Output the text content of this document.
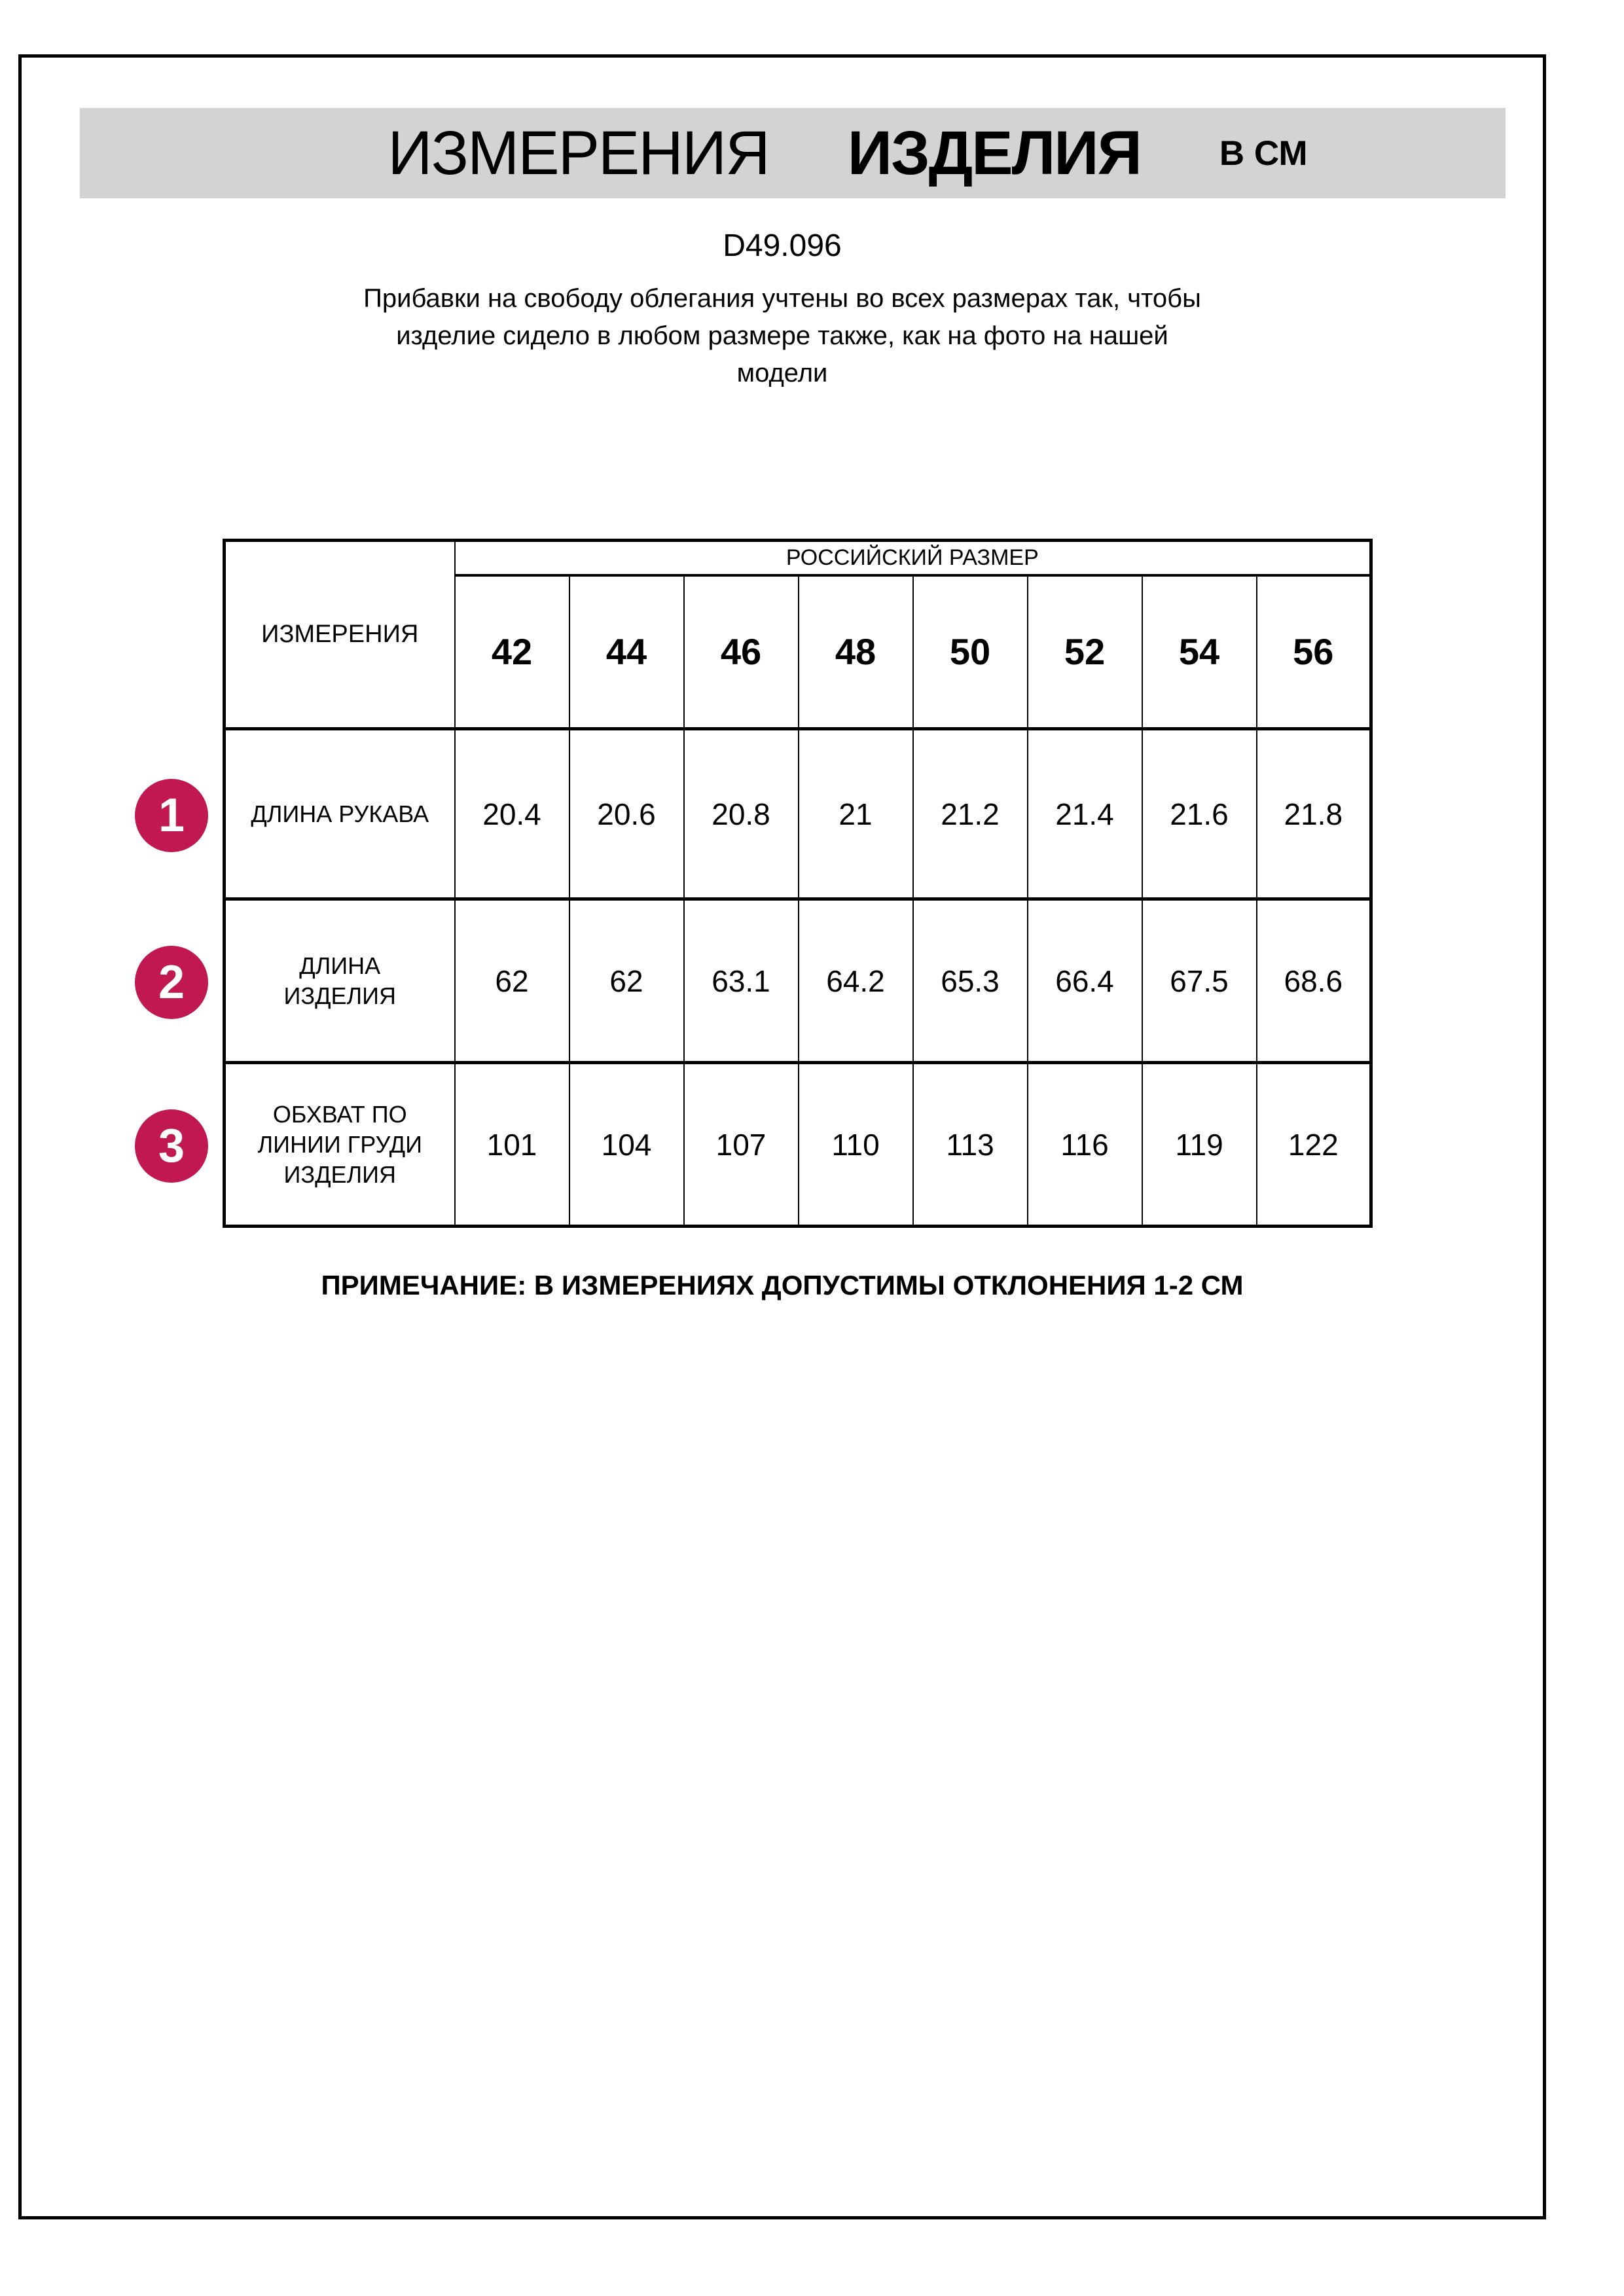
ИЗМЕРЕНИЯ ИЗДЕЛИЯ В СМ
D49.096
Прибавки на свободу облегания учтены во всех размерах так, чтобы
изделие сидело в любом размере также, как на фото на нашей
модели
ИЗМЕРЕНИЯ	РОССИЙСКИЙ РАЗМЕР							
	42	44	46	48	50	52	54	56
ДЛИНА РУКАВА	20.4	20.6	20.8	21	21.2	21.4	21.6	21.8
ДЛИНА ИЗДЕЛИЯ	62	62	63.1	64.2	65.3	66.4	67.5	68.6
ОБХВАТ ПО ЛИНИИ ГРУДИ ИЗДЕЛИЯ	101	104	107	110	113	116	119	122
1
2
3
ПРИМЕЧАНИЕ: В ИЗМЕРЕНИЯХ ДОПУСТИМЫ ОТКЛОНЕНИЯ 1-2 СМ
